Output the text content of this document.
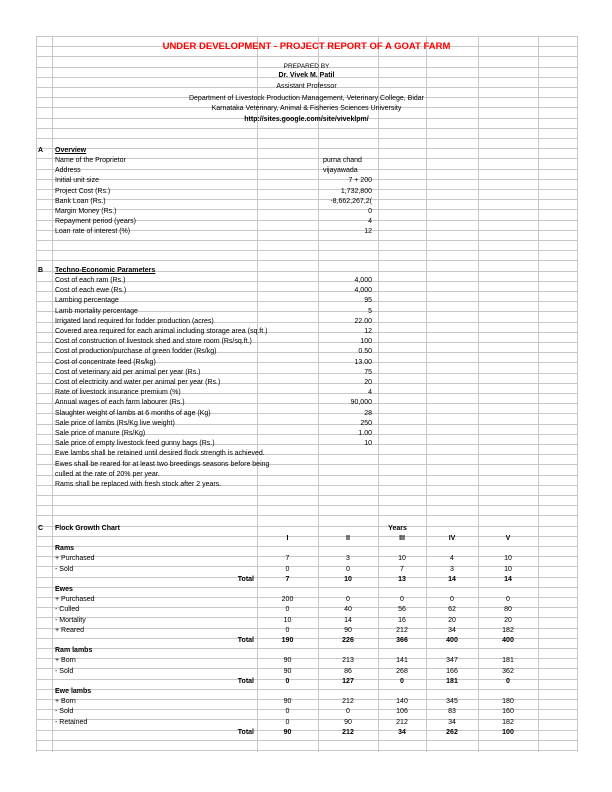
UNDER DEVELOPMENT - PROJECT REPORT OF A GOAT FARM
PREPARED BY
Dr. Vivek M. Patil
Assistant Professor
Department of Livestock Production Management, Veterinary College, Bidar
Karnataka Veterinary, Animal & Fisheries Sciences University
http://sites.google.com/site/viveklpm/
A Overview
Name of the Proprietor	purna chand
Address	vijayawada
Initial unit size	7 + 200
Project Cost (Rs.)	1,732,800
Bank Loan (Rs.)	-8,662,267,2(
Margin Money (Rs.)	0
Repayment period (years)	4
Loan rate of interest (%)	12
B Techno-Economic Parameters
Cost of each ram (Rs.)	4,000
Cost of each ewe (Rs.)	4,000
Lambing percentage	95
Lamb mortality percentage	5
Irrigated land required for fodder production (acres)	22.00
Covered area required for each animal including storage area (sq.ft.)	12
Cost of construction of livestock shed and store room (Rs/sq.ft.)	100
Cost of production/purchase of green fodder (Rs/kg)	0.50
Cost of concentrate feed (Rs/kg)	13.00
Cost of veterinary aid per animal per year (Rs.)	75
Cost of electricity and water per animal per year (Rs.)	20
Rate of livestock insurance premium (%)	4
Annual wages of each farm labourer (Rs.)	90,000
Slaughter weight of lambs at 6 months of age (Kg)	28
Sale price of lambs (Rs/Kg live weight)	250
Sale price of manure (Rs/Kg)	1.00
Sale price of empty livestock feed gunny bags (Rs.)	10
Ewe lambs shall be retained until desired flock strength is achieved.
Ewes shall be reared for at least two breedings seasons before being
culled at the rate of 20% per year.
Rams shall be replaced with fresh stock after 2 years.
C Flock Growth Chart	Years
I	II	III	IV	V
Rams
+ Purchased	7	3	10	4	10
- Sold	0	0	7	3	10
Total	7	10	13	14	14
Ewes
+ Purchased	200	0	0	0	0
- Culled	0	40	56	62	80
- Mortality	10	14	16	20	20
+ Reared	0	90	212	34	182
Total	190	226	366	400	400
Ram lambs
+ Born	90	213	141	347	181
- Sold	90	86	268	166	362
Total	0	127	0	181	0
Ewe lambs
+ Born	90	212	140	345	180
- Sold	0	0	106	83	160
- Retained	0	90	212	34	182
Total	90	212	34	262	100
